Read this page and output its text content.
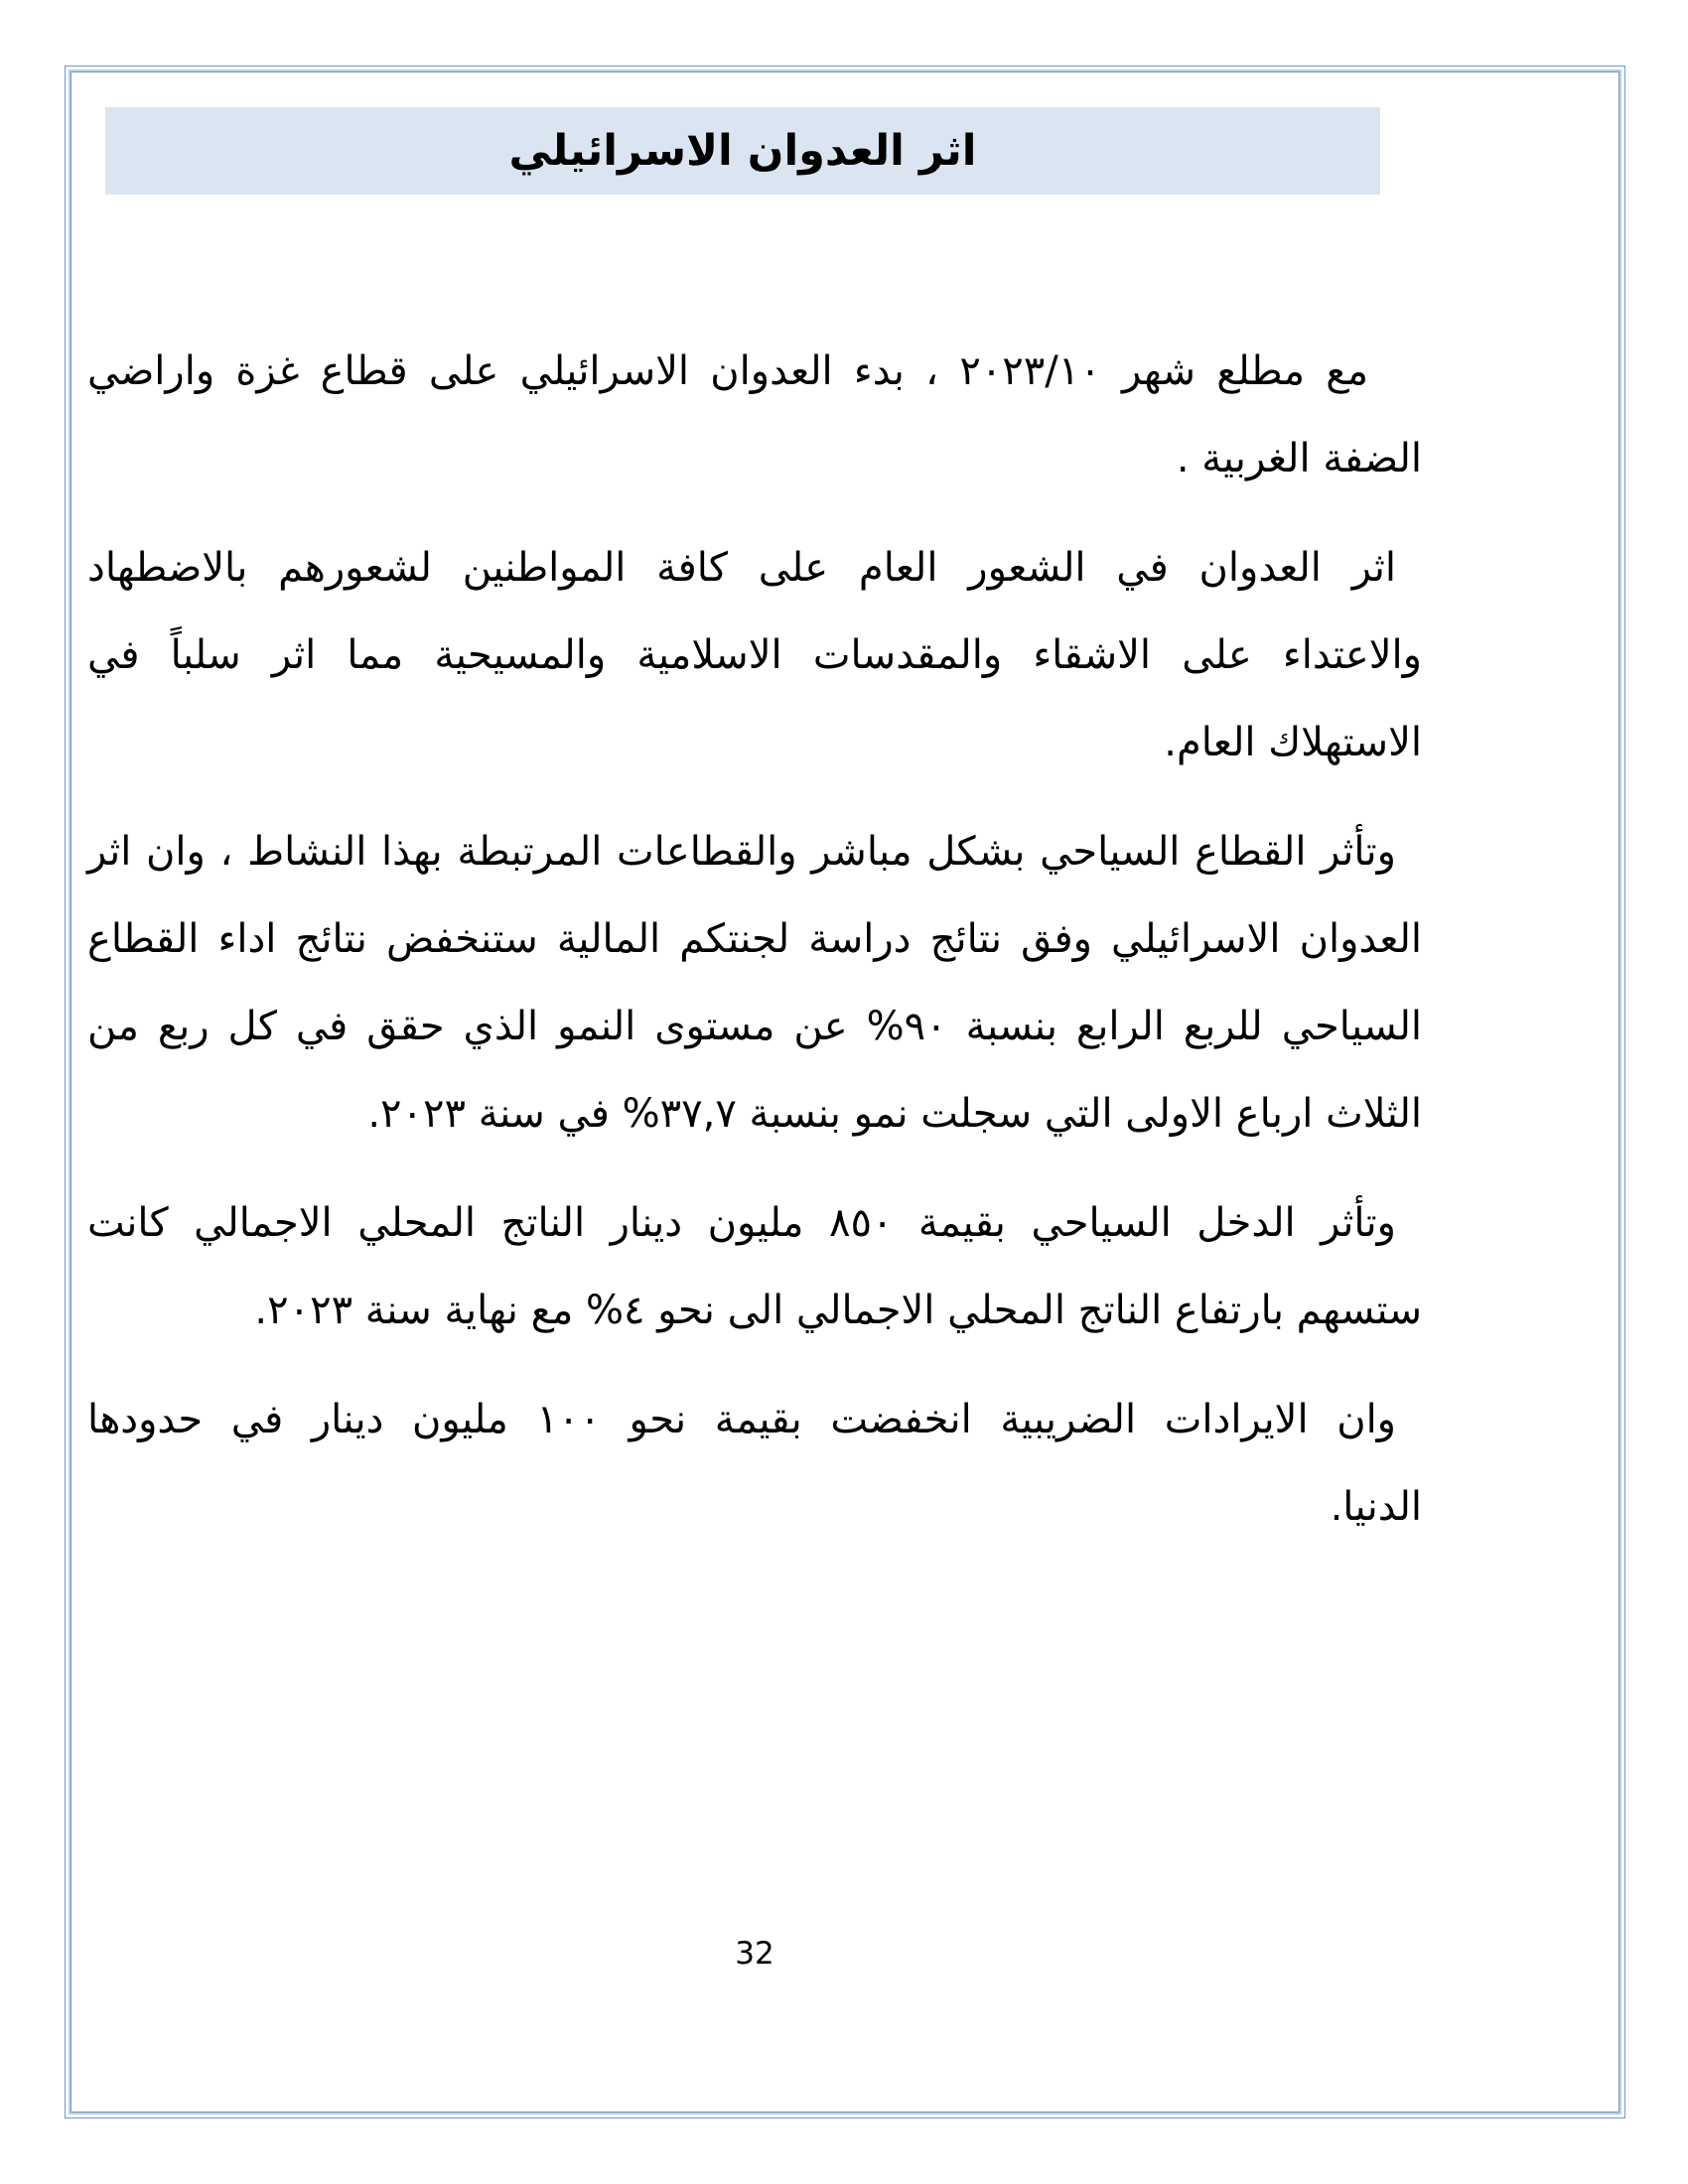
اثر العدوان الاسرائيلي
مع مطلع شهر ٢٠٢٣/١٠ ، بدء العدوان الاسرائيلي على قطاع غزة واراضي
الضفة الغربية .
اثر العدوان في الشعور العام على كافة المواطنين لشعورهم بالاضطهاد
والاعتداء على الاشقاء والمقدسات الاسلامية والمسيحية مما اثر سلباً في
الاستهلاك العام.
وتأثر القطاع السياحي بشكل مباشر والقطاعات المرتبطة بهذا النشاط ، وان اثر
العدوان الاسرائيلي وفق نتائج دراسة لجنتكم المالية ستنخفض نتائج اداء القطاع
السياحي للربع الرابع بنسبة ٩٠% عن مستوى النمو الذي حقق في كل ربع من
الثلاث ارباع الاولى التي سجلت نمو بنسبة ٣٧,٧% في سنة ٢٠٢٣.
وتأثر الدخل السياحي بقيمة ٨٥٠ مليون دينار الناتج المحلي الاجمالي كانت
ستسهم بارتفاع الناتج المحلي الاجمالي الى نحو ٤% مع نهاية سنة ٢٠٢٣.
وان الايرادات الضريبية انخفضت بقيمة نحو ١٠٠ مليون دينار في حدودها
الدنيا.
32
